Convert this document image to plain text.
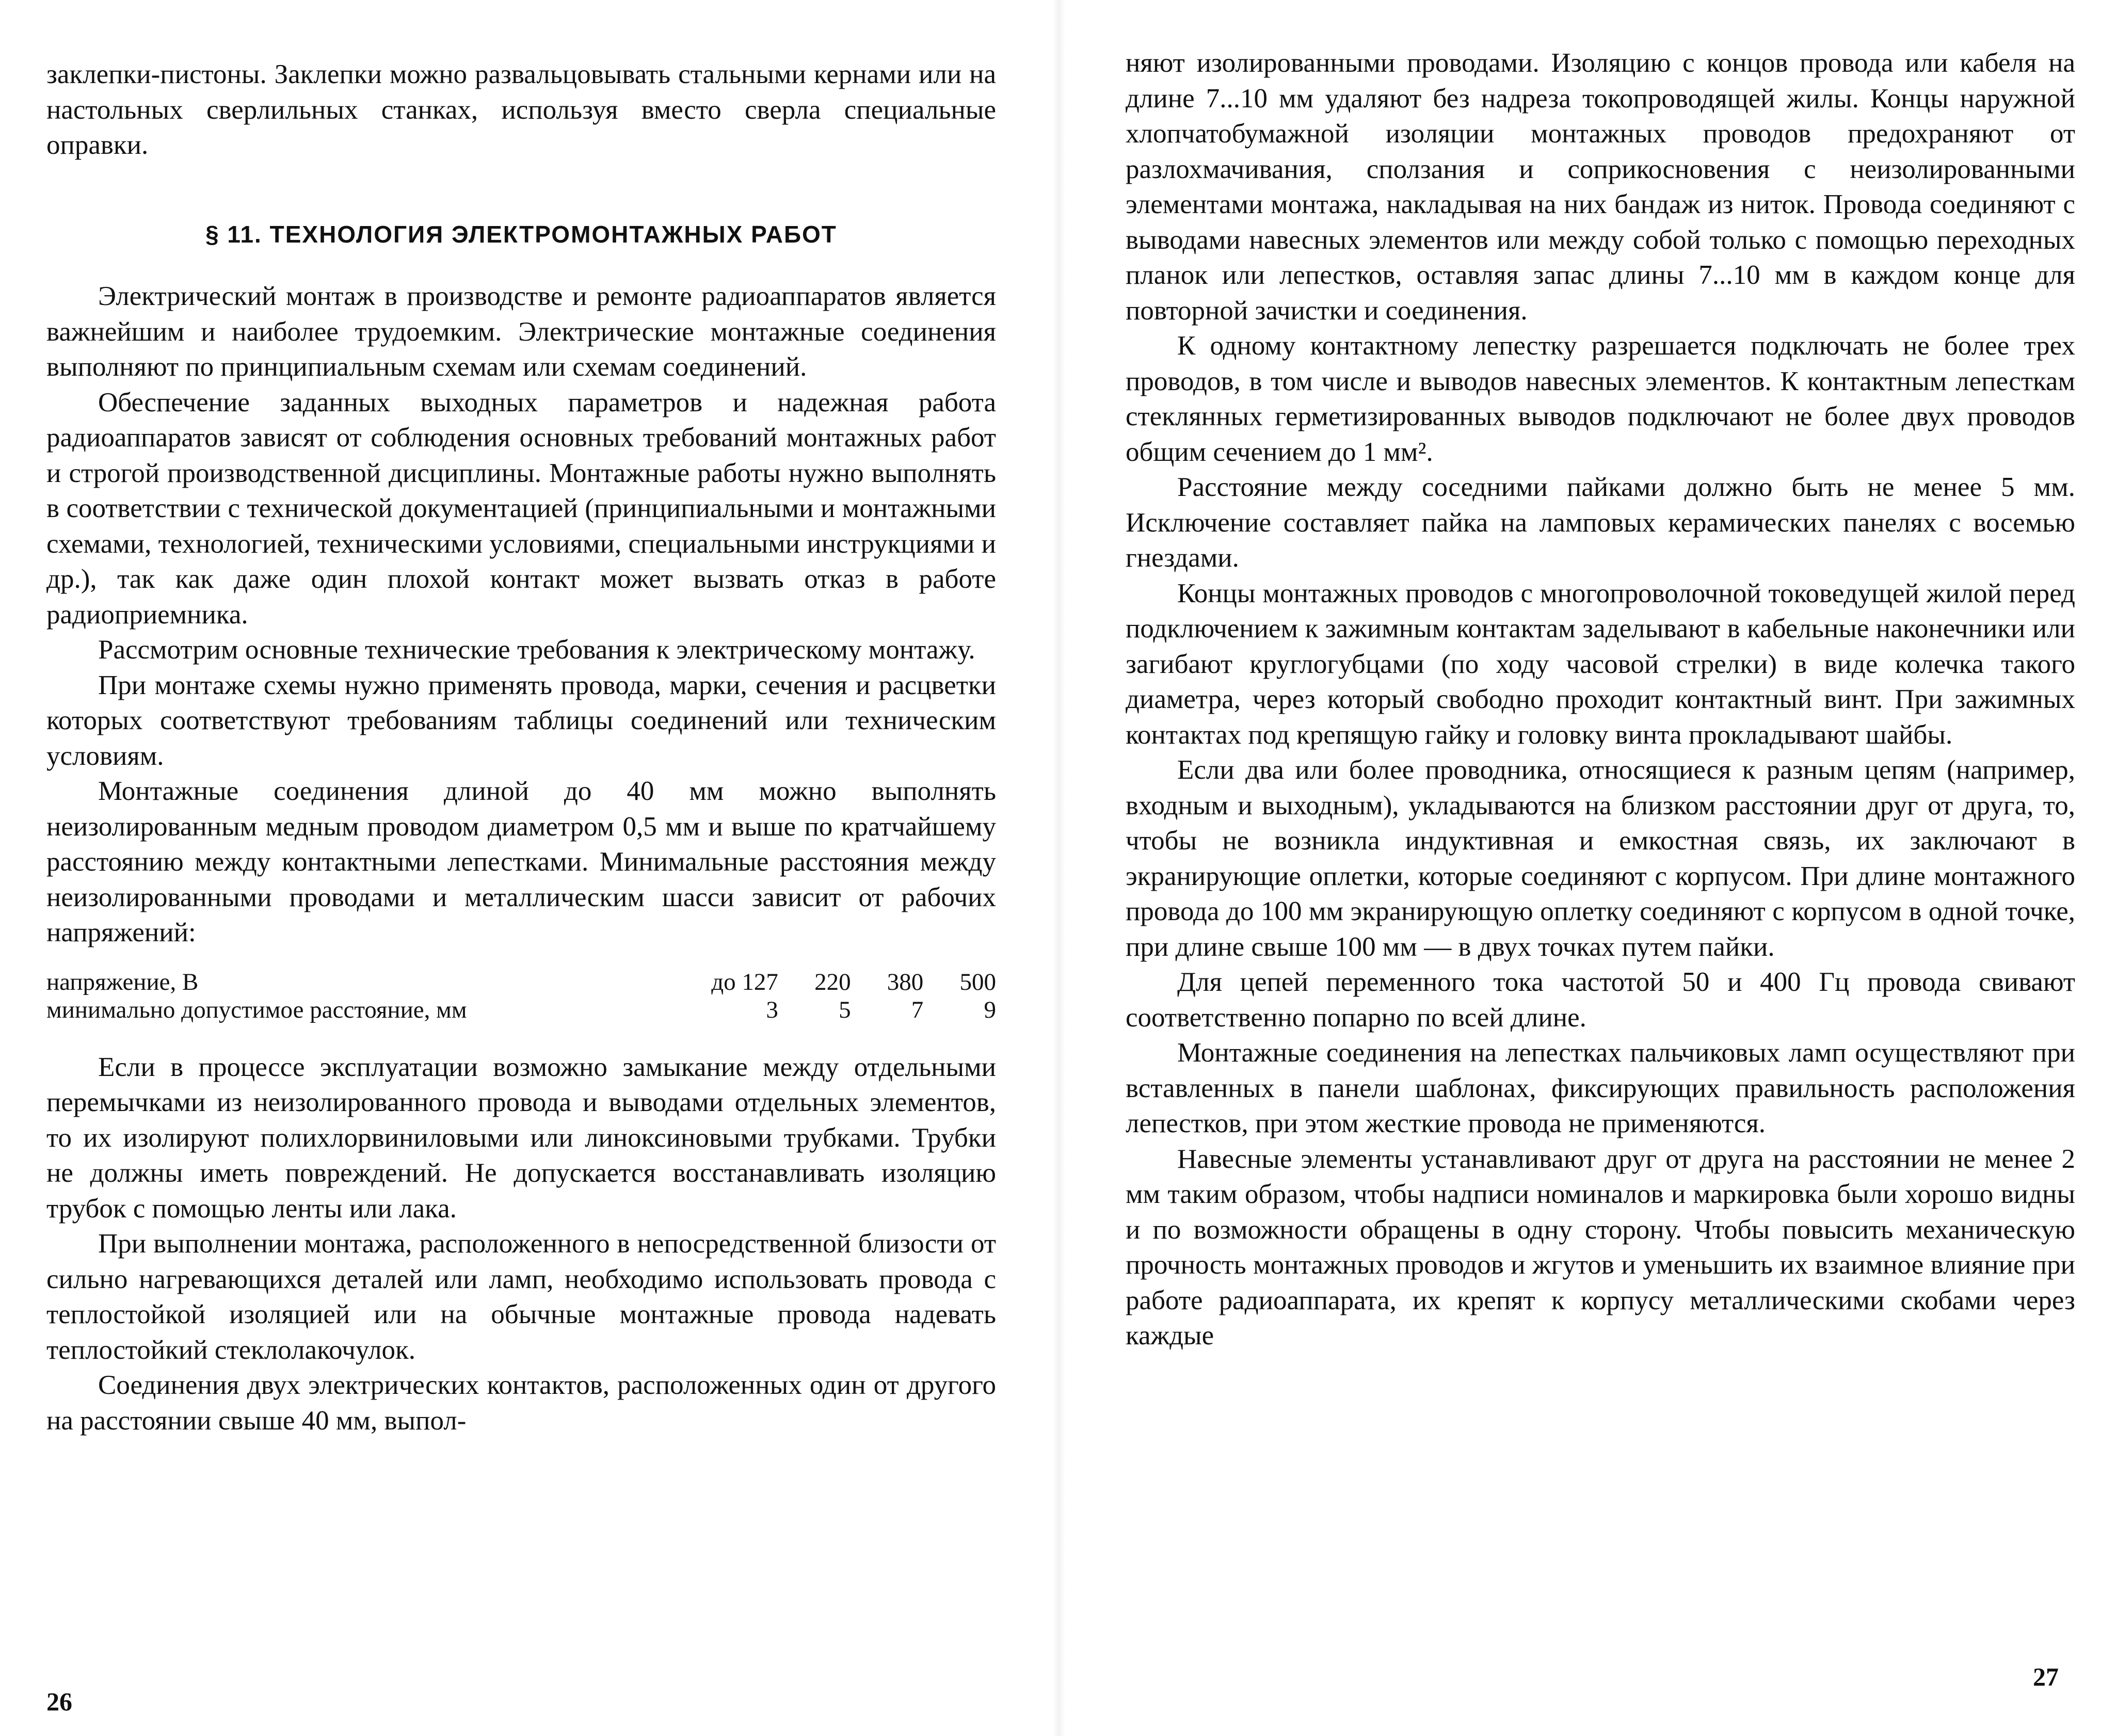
заклепки-пистоны. Заклепки можно развальцовывать стальными кернами или на настольных сверлильных станках, используя вместо сверла специальные оправки.

§ 11. ТЕХНОЛОГИЯ ЭЛЕКТРОМОНТАЖНЫХ РАБОТ

Электрический монтаж в производстве и ремонте радиоаппаратов является важнейшим и наиболее трудоемким. Электрические монтажные соединения выполняют по принципиальным схемам или схемам соединений.

Обеспечение заданных выходных параметров и надежная работа радиоаппаратов зависят от соблюдения основных требований монтажных работ и строгой производственной дисциплины. Монтажные работы нужно выполнять в соответствии с технической документацией (принципиальными и монтажными схемами, технологией, техническими условиями, специальными инструкциями и др.), так как даже один плохой контакт может вызвать отказ в работе радиоприемника.

Рассмотрим основные технические требования к электрическому монтажу.

При монтаже схемы нужно применять провода, марки, сечения и расцветки которых соответствуют требованиям таблицы соединений или техническим условиям.

Монтажные соединения длиной до 40 мм можно выполнять неизолированным медным проводом диаметром 0,5 мм и выше по кратчайшему расстоянию между контактными лепестками. Минимальные расстояния между неизолированными проводами и металлическим шасси зависит от рабочих напряжений:

напряжение, В	до 127	220	380	500
минимально допустимое расстояние, мм	3	5	7	9

Если в процессе эксплуатации возможно замыкание между отдельными перемычками из неизолированного провода и выводами отдельных элементов, то их изолируют полихлорвиниловыми или линоксиновыми трубками. Трубки не должны иметь повреждений. Не допускается восстанавливать изоляцию трубок с помощью ленты или лака.

При выполнении монтажа, расположенного в непосредственной близости от сильно нагревающихся деталей или ламп, необходимо использовать провода с теплостойкой изоляцией или на обычные монтажные провода надевать теплостойкий стеклолакочулок.

Соединения двух электрических контактов, расположенных один от другого на расстоянии свыше 40 мм, выпол-

26

няют изолированными проводами. Изоляцию с концов провода или кабеля на длине 7...10 мм удаляют без надреза токопроводящей жилы. Концы наружной хлопчатобумажной изоляции монтажных проводов предохраняют от разлохмачивания, сползания и соприкосновения с неизолированными элементами монтажа, накладывая на них бандаж из ниток. Провода соединяют с выводами навесных элементов или между собой только с помощью переходных планок или лепестков, оставляя запас длины 7...10 мм в каждом конце для повторной зачистки и соединения.

К одному контактному лепестку разрешается подключать не более трех проводов, в том числе и выводов навесных элементов. К контактным лепесткам стеклянных герметизированных выводов подключают не более двух проводов общим сечением до 1 мм².

Расстояние между соседними пайками должно быть не менее 5 мм. Исключение составляет пайка на ламповых керамических панелях с восемью гнездами.

Концы монтажных проводов с многопроволочной токоведущей жилой перед подключением к зажимным контактам заделывают в кабельные наконечники или загибают круглогубцами (по ходу часовой стрелки) в виде колечка такого диаметра, через который свободно проходит контактный винт. При зажимных контактах под крепящую гайку и головку винта прокладывают шайбы.

Если два или более проводника, относящиеся к разным цепям (например, входным и выходным), укладываются на близком расстоянии друг от друга, то, чтобы не возникла индуктивная и емкостная связь, их заключают в экранирующие оплетки, которые соединяют с корпусом. При длине монтажного провода до 100 мм экранирующую оплетку соединяют с корпусом в одной точке, при длине свыше 100 мм — в двух точках путем пайки.

Для цепей переменного тока частотой 50 и 400 Гц провода свивают соответственно попарно по всей длине.

Монтажные соединения на лепестках пальчиковых ламп осуществляют при вставленных в панели шаблонах, фиксирующих правильность расположения лепестков, при этом жесткие провода не применяются.

Навесные элементы устанавливают друг от друга на расстоянии не менее 2 мм таким образом, чтобы надписи номиналов и маркировка были хорошо видны и по возможности обращены в одну сторону. Чтобы повысить механическую прочность монтажных проводов и жгутов и уменьшить их взаимное влияние при работе радиоаппарата, их крепят к корпусу металлическими скобами через каждые

27
